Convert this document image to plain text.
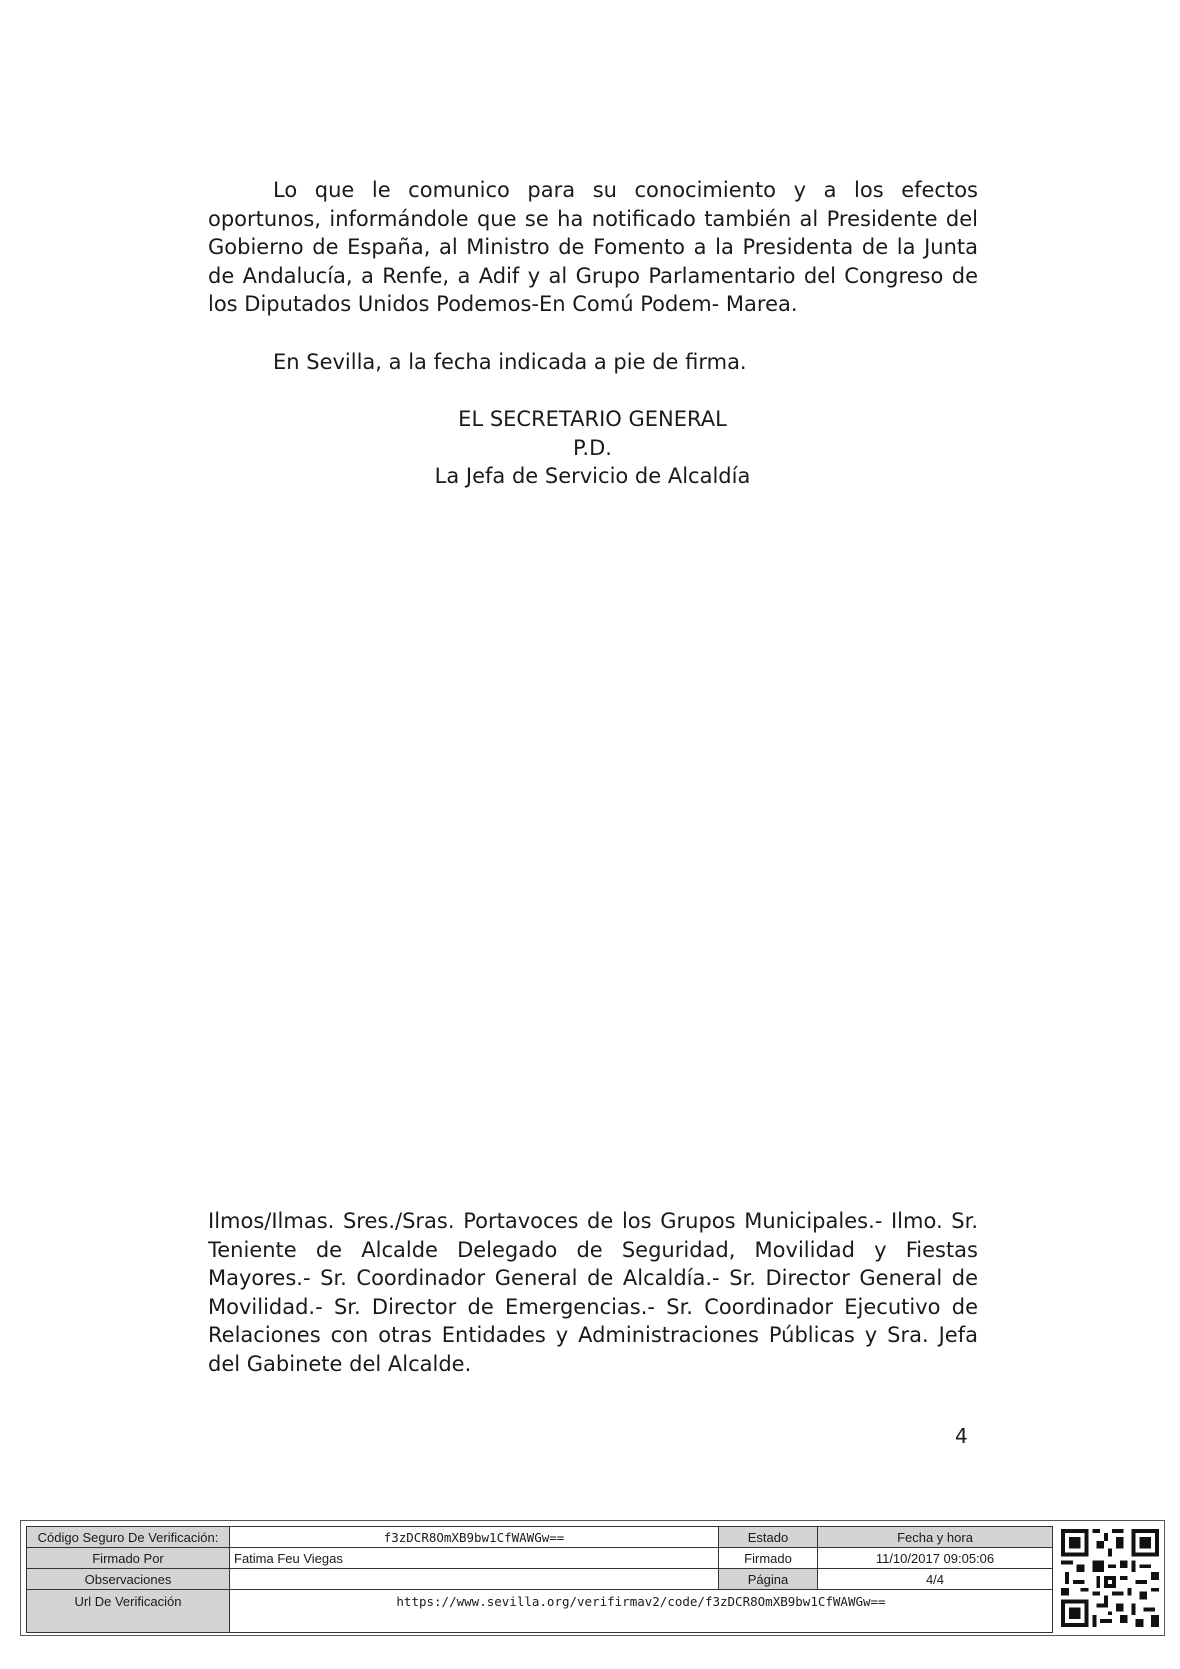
Lo que le comunico para su conocimiento y a los efectos oportunos, informándole que se ha notificado también al Presidente del Gobierno de España, al Ministro de Fomento a la Presidenta de la Junta de Andalucía, a Renfe, a Adif y al Grupo Parlamentario del Congreso de los Diputados Unidos Podemos-En Comú Podem- Marea.

En Sevilla, a la fecha indicada a pie de firma.

EL SECRETARIO GENERAL
P.D.
La Jefa de Servicio de Alcaldía

Ilmos/Ilmas. Sres./Sras. Portavoces de los Grupos Municipales.- Ilmo. Sr. Teniente de Alcalde Delegado de Seguridad, Movilidad y Fiestas Mayores.- Sr. Coordinador General de Alcaldía.- Sr. Director General de Movilidad.- Sr. Director de Emergencias.- Sr. Coordinador Ejecutivo de Relaciones con otras Entidades y Administraciones Públicas y Sra. Jefa del Gabinete del Alcalde.

4
Código Seguro De Verificación:	f3zDCR8OmXB9bw1CfWAWGw==	Estado	Fecha y hora
Firmado Por	Fatima Feu Viegas	Firmado	11/10/2017 09:05:06
Observaciones		Página	4/4
Url De Verificación	https://www.sevilla.org/verifirmav2/code/f3zDCR8OmXB9bw1CfWAWGw==		
